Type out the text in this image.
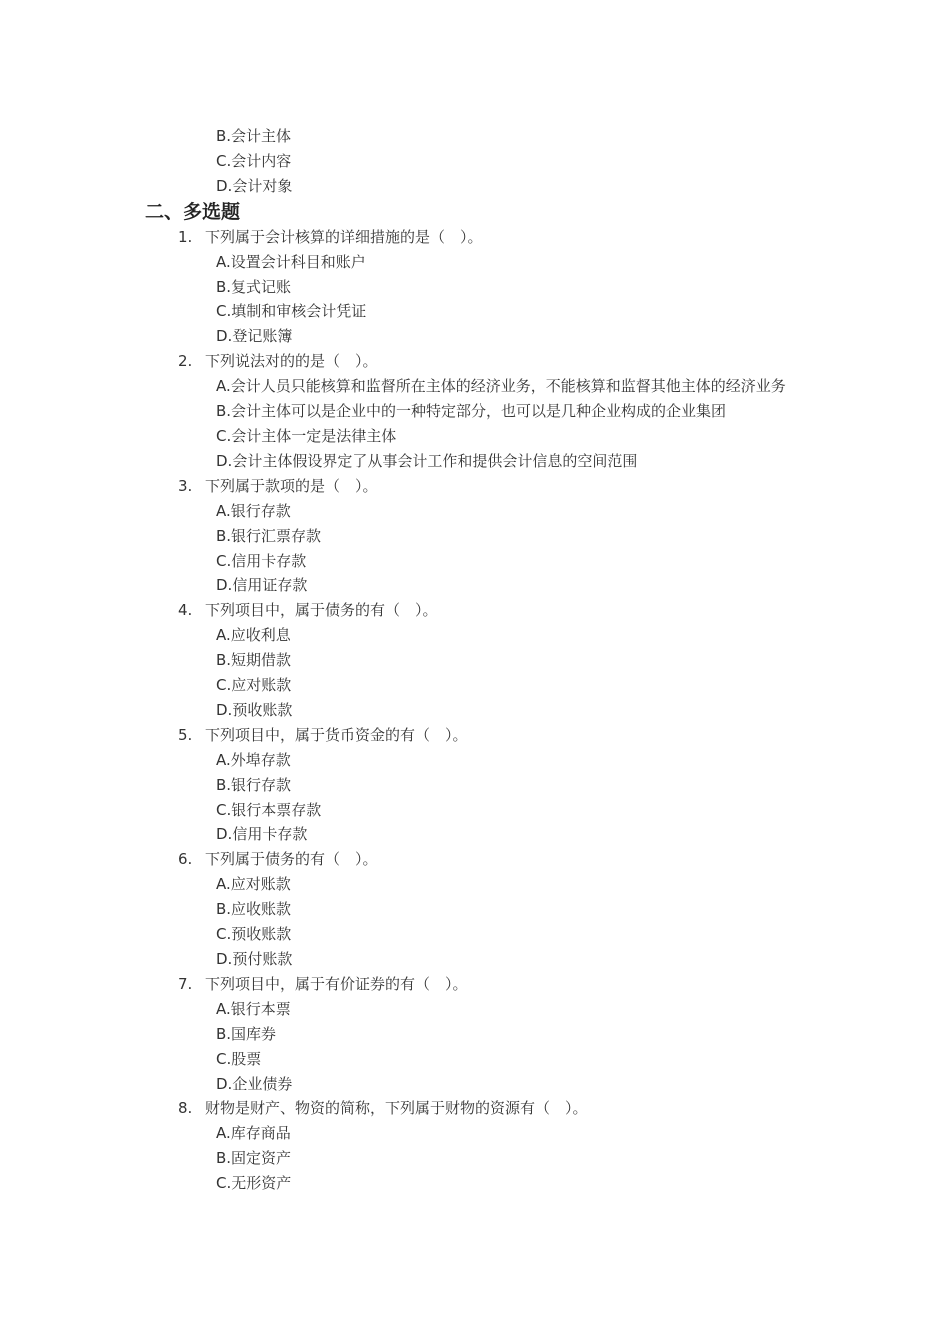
B.会计主体
C.会计内容
D.会计对象
二、多选题
1. 下列属于会计核算的详细措施的是（　）。
A.设置会计科目和账户
B.复式记账
C.填制和审核会计凭证
D.登记账簿
2. 下列说法对的的是（　）。
A.会计人员只能核算和监督所在主体的经济业务，不能核算和监督其他主体的经济业务
B.会计主体可以是企业中的一种特定部分，也可以是几种企业构成的企业集团
C.会计主体一定是法律主体
D.会计主体假设界定了从事会计工作和提供会计信息的空间范围
3. 下列属于款项的是（　）。
A.银行存款
B.银行汇票存款
C.信用卡存款
D.信用证存款
4. 下列项目中，属于债务的有（　）。
A.应收利息
B.短期借款
C.应对账款
D.预收账款
5. 下列项目中，属于货币资金的有（　）。
A.外埠存款
B.银行存款
C.银行本票存款
D.信用卡存款
6. 下列属于债务的有（　）。
A.应对账款
B.应收账款
C.预收账款
D.预付账款
7. 下列项目中，属于有价证券的有（　）。
A.银行本票
B.国库券
C.股票
D.企业债券
8. 财物是财产、物资的简称，下列属于财物的资源有（　）。
A.库存商品
B.固定资产
C.无形资产
